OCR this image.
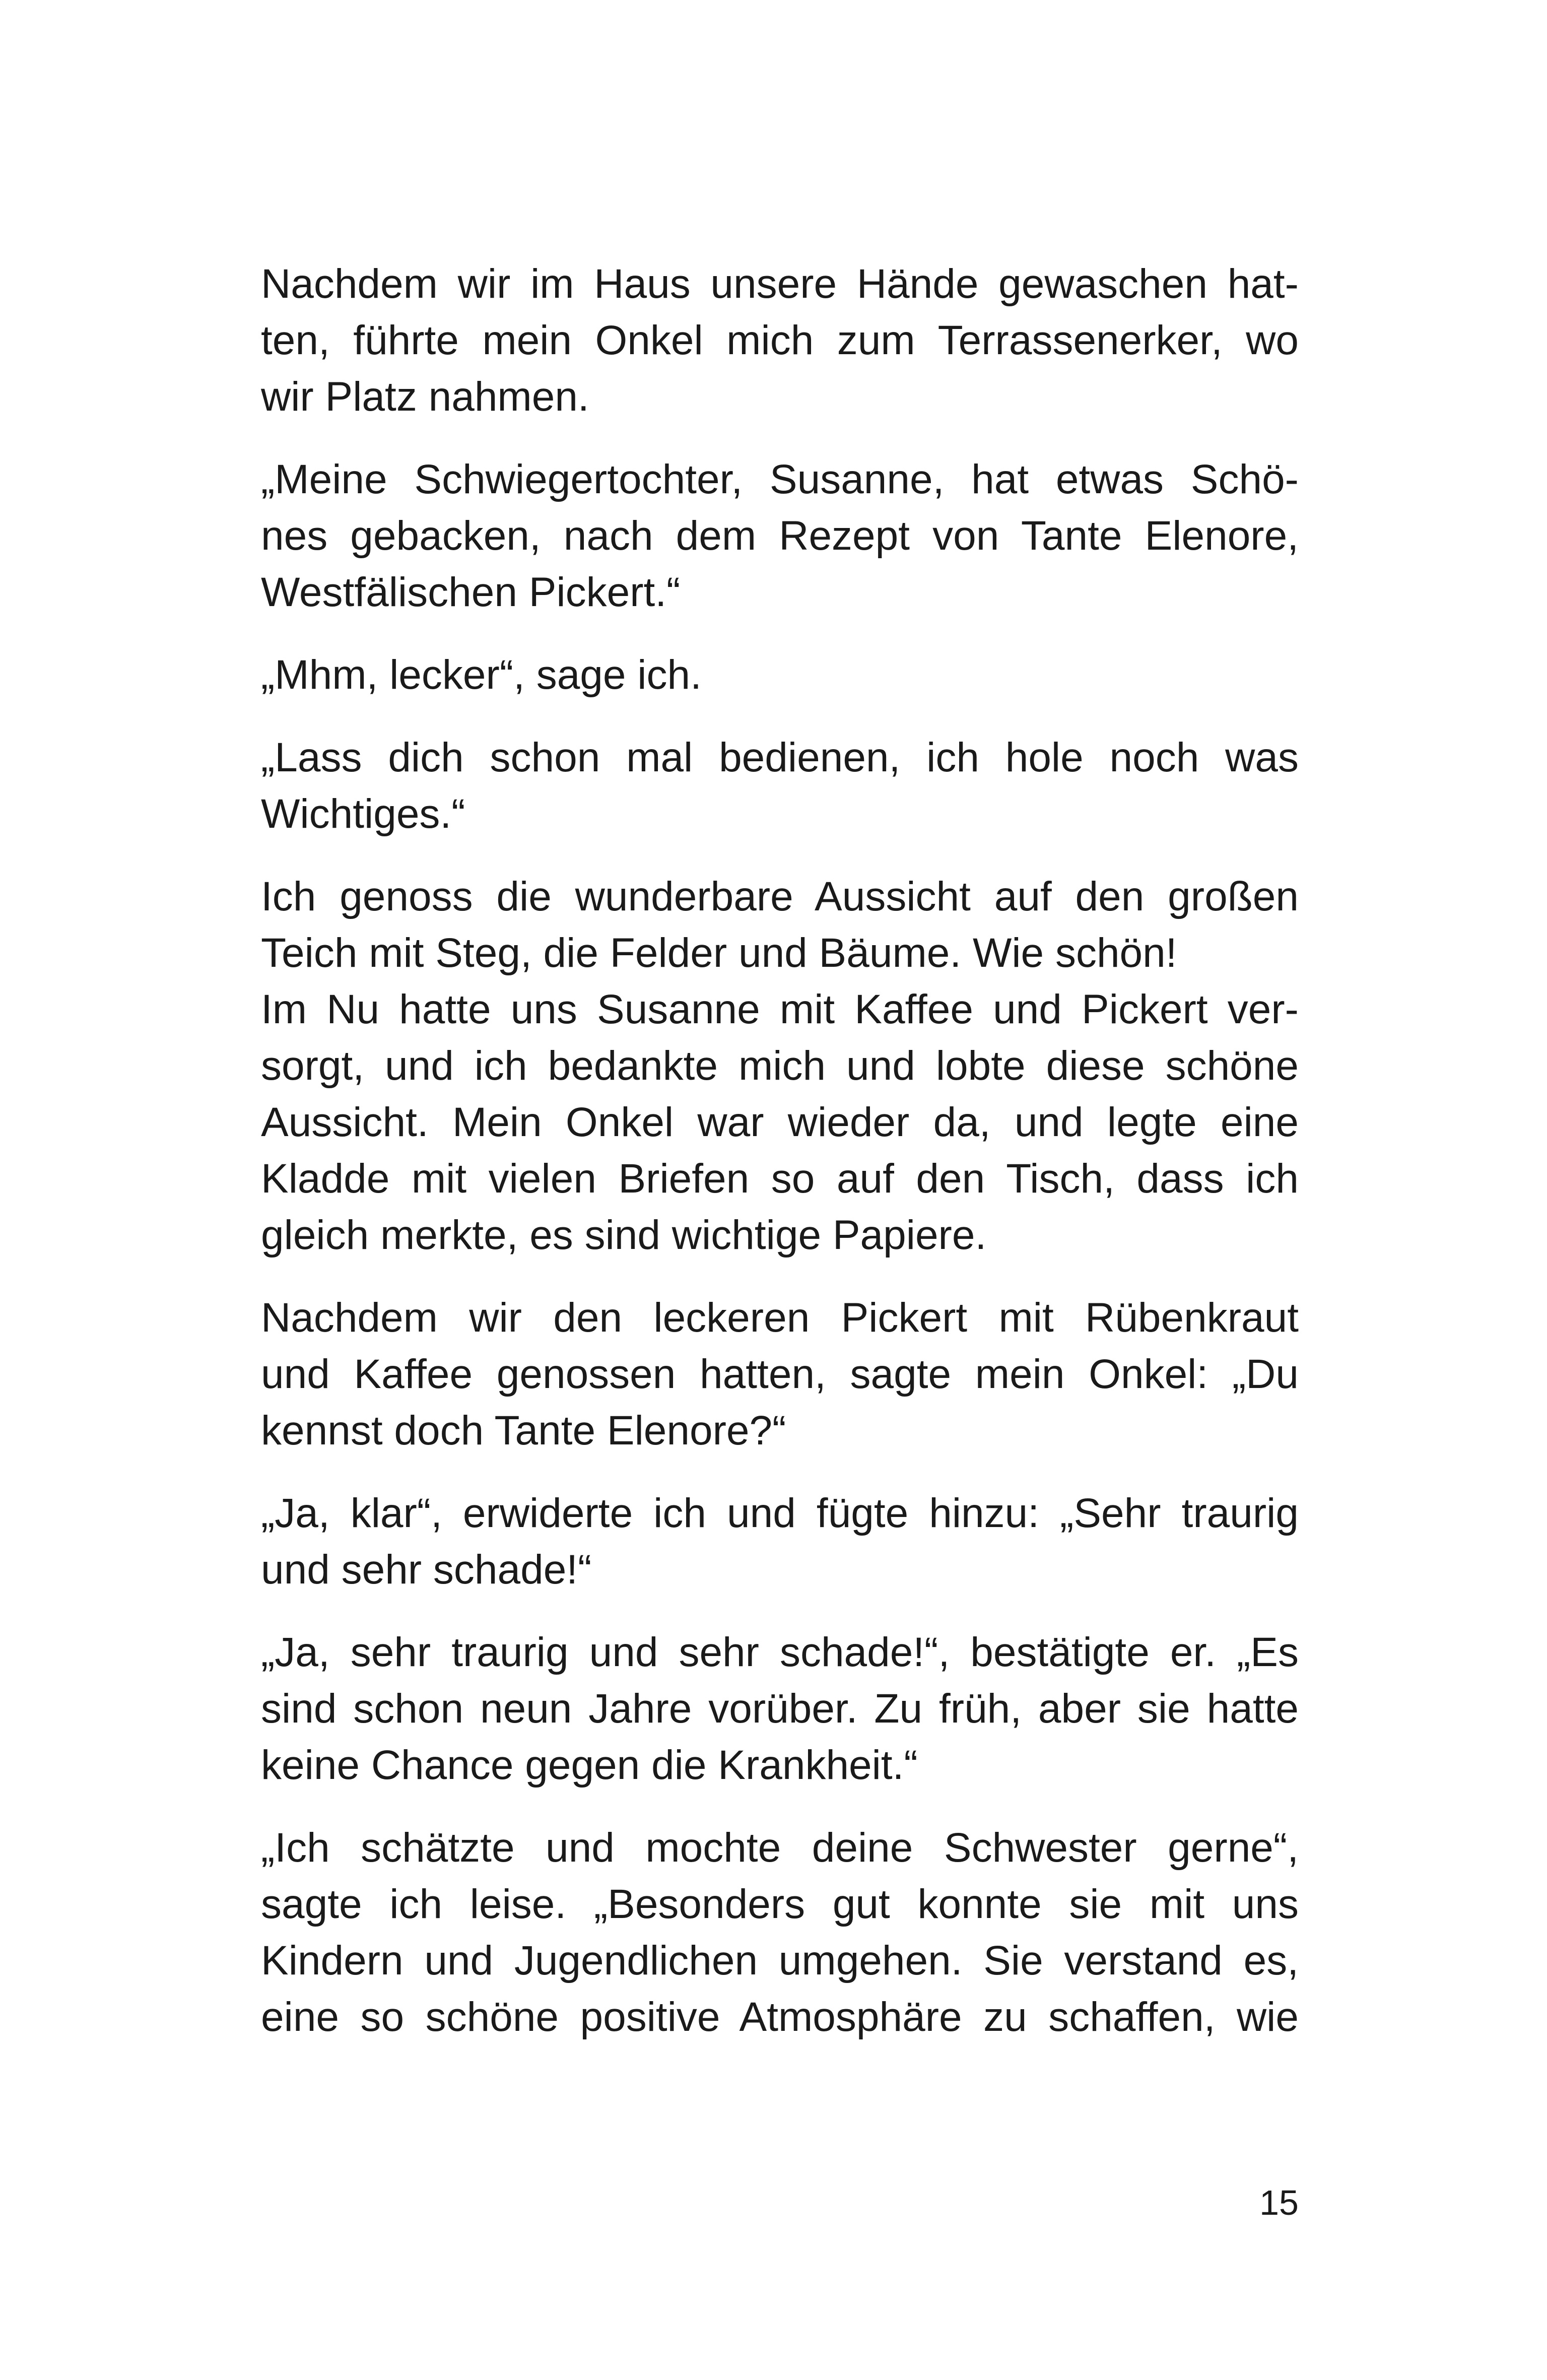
Nachdem wir im Haus unsere Hände gewaschen hat-
ten, führte mein Onkel mich zum Terrassenerker, wo
wir Platz nahmen.
„Meine Schwiegertochter, Susanne, hat etwas Schö-
nes gebacken, nach dem Rezept von Tante Elenore,
Westfälischen Pickert.“
„Mhm, lecker“, sage ich.
„Lass dich schon mal bedienen, ich hole noch was
Wichtiges.“
Ich genoss die wunderbare Aussicht auf den großen
Teich mit Steg, die Felder und Bäume. Wie schön!
Im Nu hatte uns Susanne mit Kaffee und Pickert ver-
sorgt, und ich bedankte mich und lobte diese schöne
Aussicht. Mein Onkel war wieder da, und legte eine
Kladde mit vielen Briefen so auf den Tisch, dass ich
gleich merkte, es sind wichtige Papiere.
Nachdem wir den leckeren Pickert mit Rübenkraut
und Kaffee genossen hatten, sagte mein Onkel: „Du
kennst doch Tante Elenore?“
„Ja, klar“, erwiderte ich und fügte hinzu: „Sehr traurig
und sehr schade!“
„Ja, sehr traurig und sehr schade!“, bestätigte er. „Es
sind schon neun Jahre vorüber. Zu früh, aber sie hatte
keine Chance gegen die Krankheit.“
„Ich schätzte und mochte deine Schwester gerne“,
sagte ich leise. „Besonders gut konnte sie mit uns
Kindern und Jugendlichen umgehen. Sie verstand es,
eine so schöne positive Atmosphäre zu schaffen, wie
15
